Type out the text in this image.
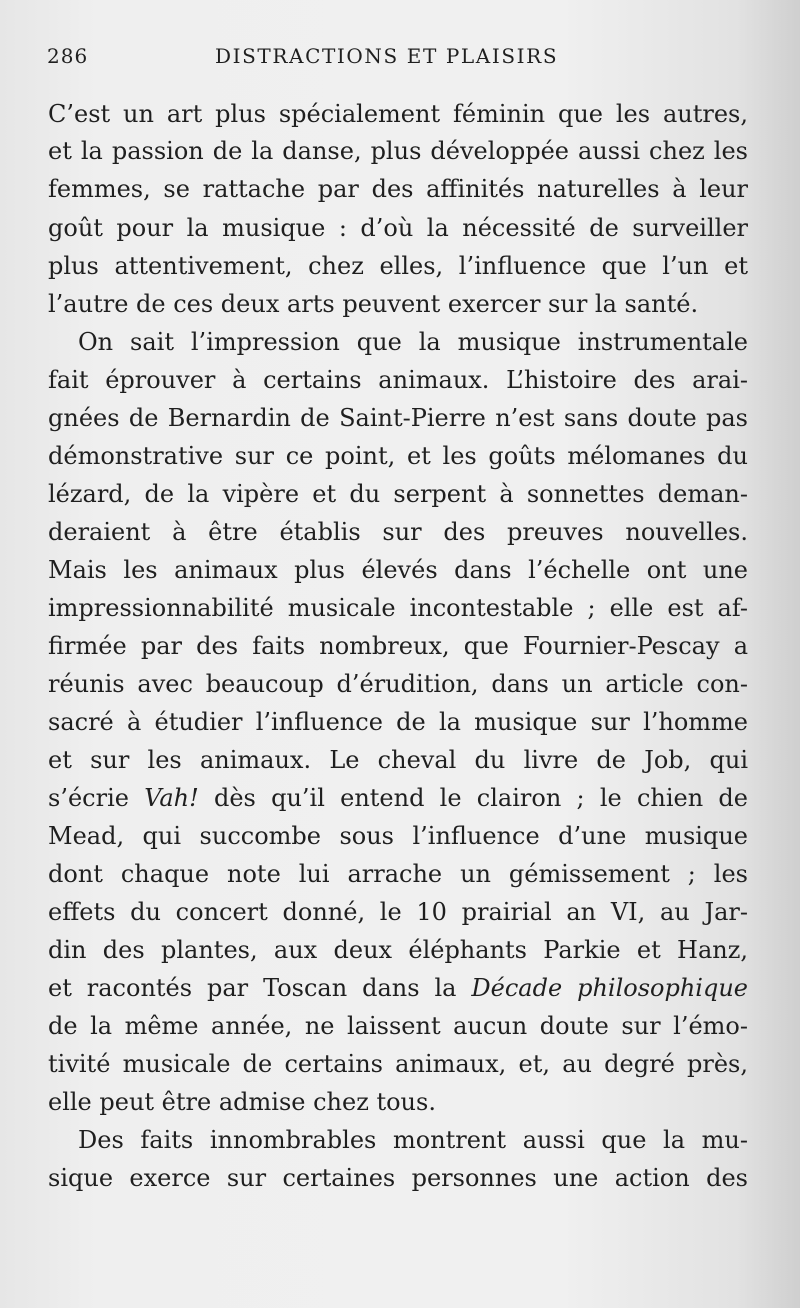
286	DISTRACTIONS ET PLAISIRS
C’est un art plus spécialement féminin que les autres,
et la passion de la danse, plus développée aussi chez les
femmes, se rattache par des affinités naturelles à leur
goût pour la musique : d’où la nécessité de surveiller
plus attentivement, chez elles, l’influence que l’un et
l’autre de ces deux arts peuvent exercer sur la santé.
On sait l’impression que la musique instrumentale
fait éprouver à certains animaux. L’histoire des arai-
gnées de Bernardin de Saint-Pierre n’est sans doute pas
démonstrative sur ce point, et les goûts mélomanes du
lézard, de la vipère et du serpent à sonnettes deman-
deraient à être établis sur des preuves nouvelles.
Mais les animaux plus élevés dans l’échelle ont une
impressionnabilité musicale incontestable ; elle est af-
firmée par des faits nombreux, que Fournier-Pescay a
réunis avec beaucoup d’érudition, dans un article con-
sacré à étudier l’influence de la musique sur l’homme
et sur les animaux. Le cheval du livre de Job, qui
s’écrie Vah! dès qu’il entend le clairon ; le chien de
Mead, qui succombe sous l’influence d’une musique
dont chaque note lui arrache un gémissement ; les
effets du concert donné, le 10 prairial an VI, au Jar-
din des plantes, aux deux éléphants Parkie et Hanz,
et racontés par Toscan dans la Décade philosophique
de la même année, ne laissent aucun doute sur l’émo-
tivité musicale de certains animaux, et, au degré près,
elle peut être admise chez tous.
Des faits innombrables montrent aussi que la mu-
sique exerce sur certaines personnes une action des
